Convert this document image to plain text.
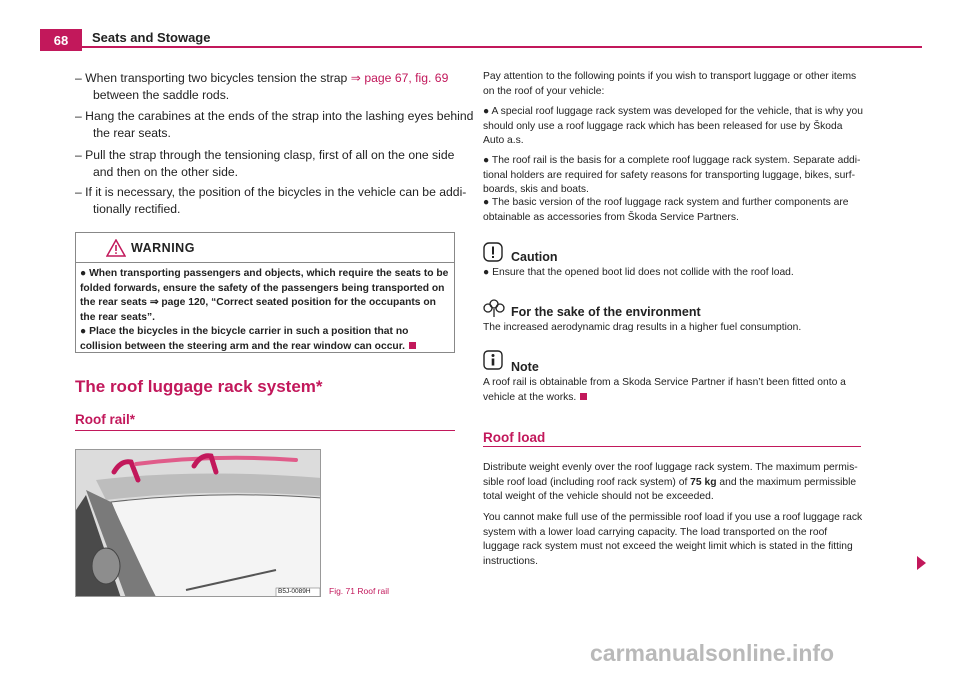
68	Seats and Stowage
– When transporting two bicycles tension the strap ⇒ page 67, fig. 69 between the saddle rods.
– Hang the carabines at the ends of the strap into the lashing eyes behind the rear seats.
– Pull the strap through the tensioning clasp, first of all on the one side and then on the other side.
– If it is necessary, the position of the bicycles in the vehicle can be addi-tionally rectified.
WARNING
● When transporting passengers and objects, which require the seats to be folded forwards, ensure the safety of the passengers being transported on the rear seats ⇒ page 120, “Correct seated position for the occupants on the rear seats”.
● Place the bicycles in the bicycle carrier in such a position that no collision between the steering arm and the rear window can occur.
The roof luggage rack system*
Roof rail*
B5J-0089H Fig. 71 Roof rail
Pay attention to the following points if you wish to transport luggage or other items on the roof of your vehicle:
● A special roof luggage rack system was developed for the vehicle, that is why you should only use a roof luggage rack which has been released for use by Škoda Auto a.s.
● The roof rail is the basis for a complete roof luggage rack system. Separate addi-tional holders are required for safety reasons for transporting luggage, bikes, surf-boards, skis and boats.
● The basic version of the roof luggage rack system and further components are obtainable as accessories from Škoda Service Partners.
Caution
● Ensure that the opened boot lid does not collide with the roof load.
For the sake of the environment
The increased aerodynamic drag results in a higher fuel consumption.
Note
A roof rail is obtainable from a Skoda Service Partner if hasn’t been fitted onto a vehicle at the works.
Roof load
Distribute weight evenly over the roof luggage rack system. The maximum permis-sible roof load (including roof rack system) of 75 kg and the maximum permissible total weight of the vehicle should not be exceeded.
You cannot make full use of the permissible roof load if you use a roof luggage rack system with a lower load carrying capacity. The load transported on the roof luggage rack system must not exceed the weight limit which is stated in the fitting instructions.
carmanualsonline.info
